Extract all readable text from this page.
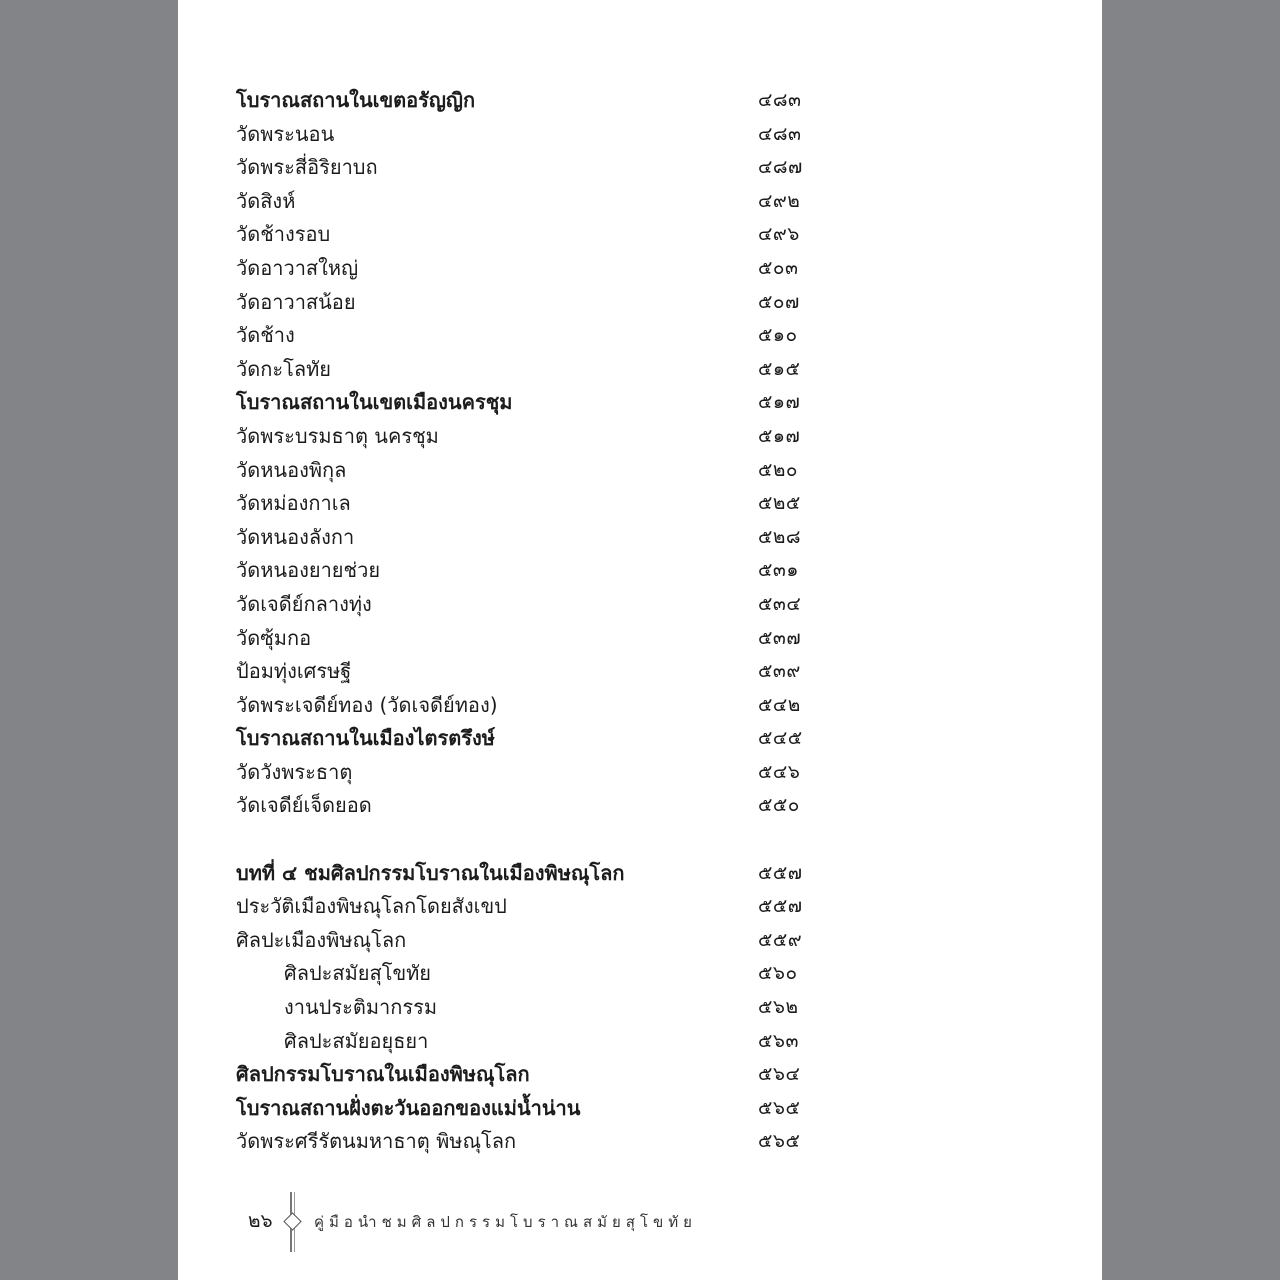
โบราณสถานในเขตอรัญญิก	๔๘๓
วัดพระนอน	๔๘๓
วัดพระสี่อิริยาบถ	๔๘๗
วัดสิงห์	๔๙๒
วัดช้างรอบ	๔๙๖
วัดอาวาสใหญ่	๕๐๓
วัดอาวาสน้อย	๕๐๗
วัดช้าง	๕๑๐
วัดกะโลทัย	๕๑๕
โบราณสถานในเขตเมืองนครชุม	๕๑๗
วัดพระบรมธาตุ นครชุม	๕๑๗
วัดหนองพิกุล	๕๒๐
วัดหม่องกาเล	๕๒๕
วัดหนองลังกา	๕๒๘
วัดหนองยายช่วย	๕๓๑
วัดเจดีย์กลางทุ่ง	๕๓๔
วัดซุ้มกอ	๕๓๗
ป้อมทุ่งเศรษฐี	๕๓๙
วัดพระเจดีย์ทอง (วัดเจดีย์ทอง)	๕๔๒
โบราณสถานในเมืองไตรตรึงษ์	๕๔๕
วัดวังพระธาตุ	๕๔๖
วัดเจดีย์เจ็ดยอด	๕๕๐
บทที่ ๔ ชมศิลปกรรมโบราณในเมืองพิษณุโลก	๕๕๗
ประวัติเมืองพิษณุโลกโดยสังเขป	๕๕๗
ศิลปะเมืองพิษณุโลก	๕๕๙
ศิลปะสมัยสุโขทัย	๕๖๐
งานประติมากรรม	๕๖๒
ศิลปะสมัยอยุธยา	๕๖๓
ศิลปกรรมโบราณในเมืองพิษณุโลก	๕๖๔
โบราณสถานฝั่งตะวันออกของแม่น้ำน่าน	๕๖๕
วัดพระศรีรัตนมหาธาตุ พิษณุโลก	๕๖๕
๒๖	คู่มือนำชมศิลปกรรมโบราณสมัยสุโขทัย
